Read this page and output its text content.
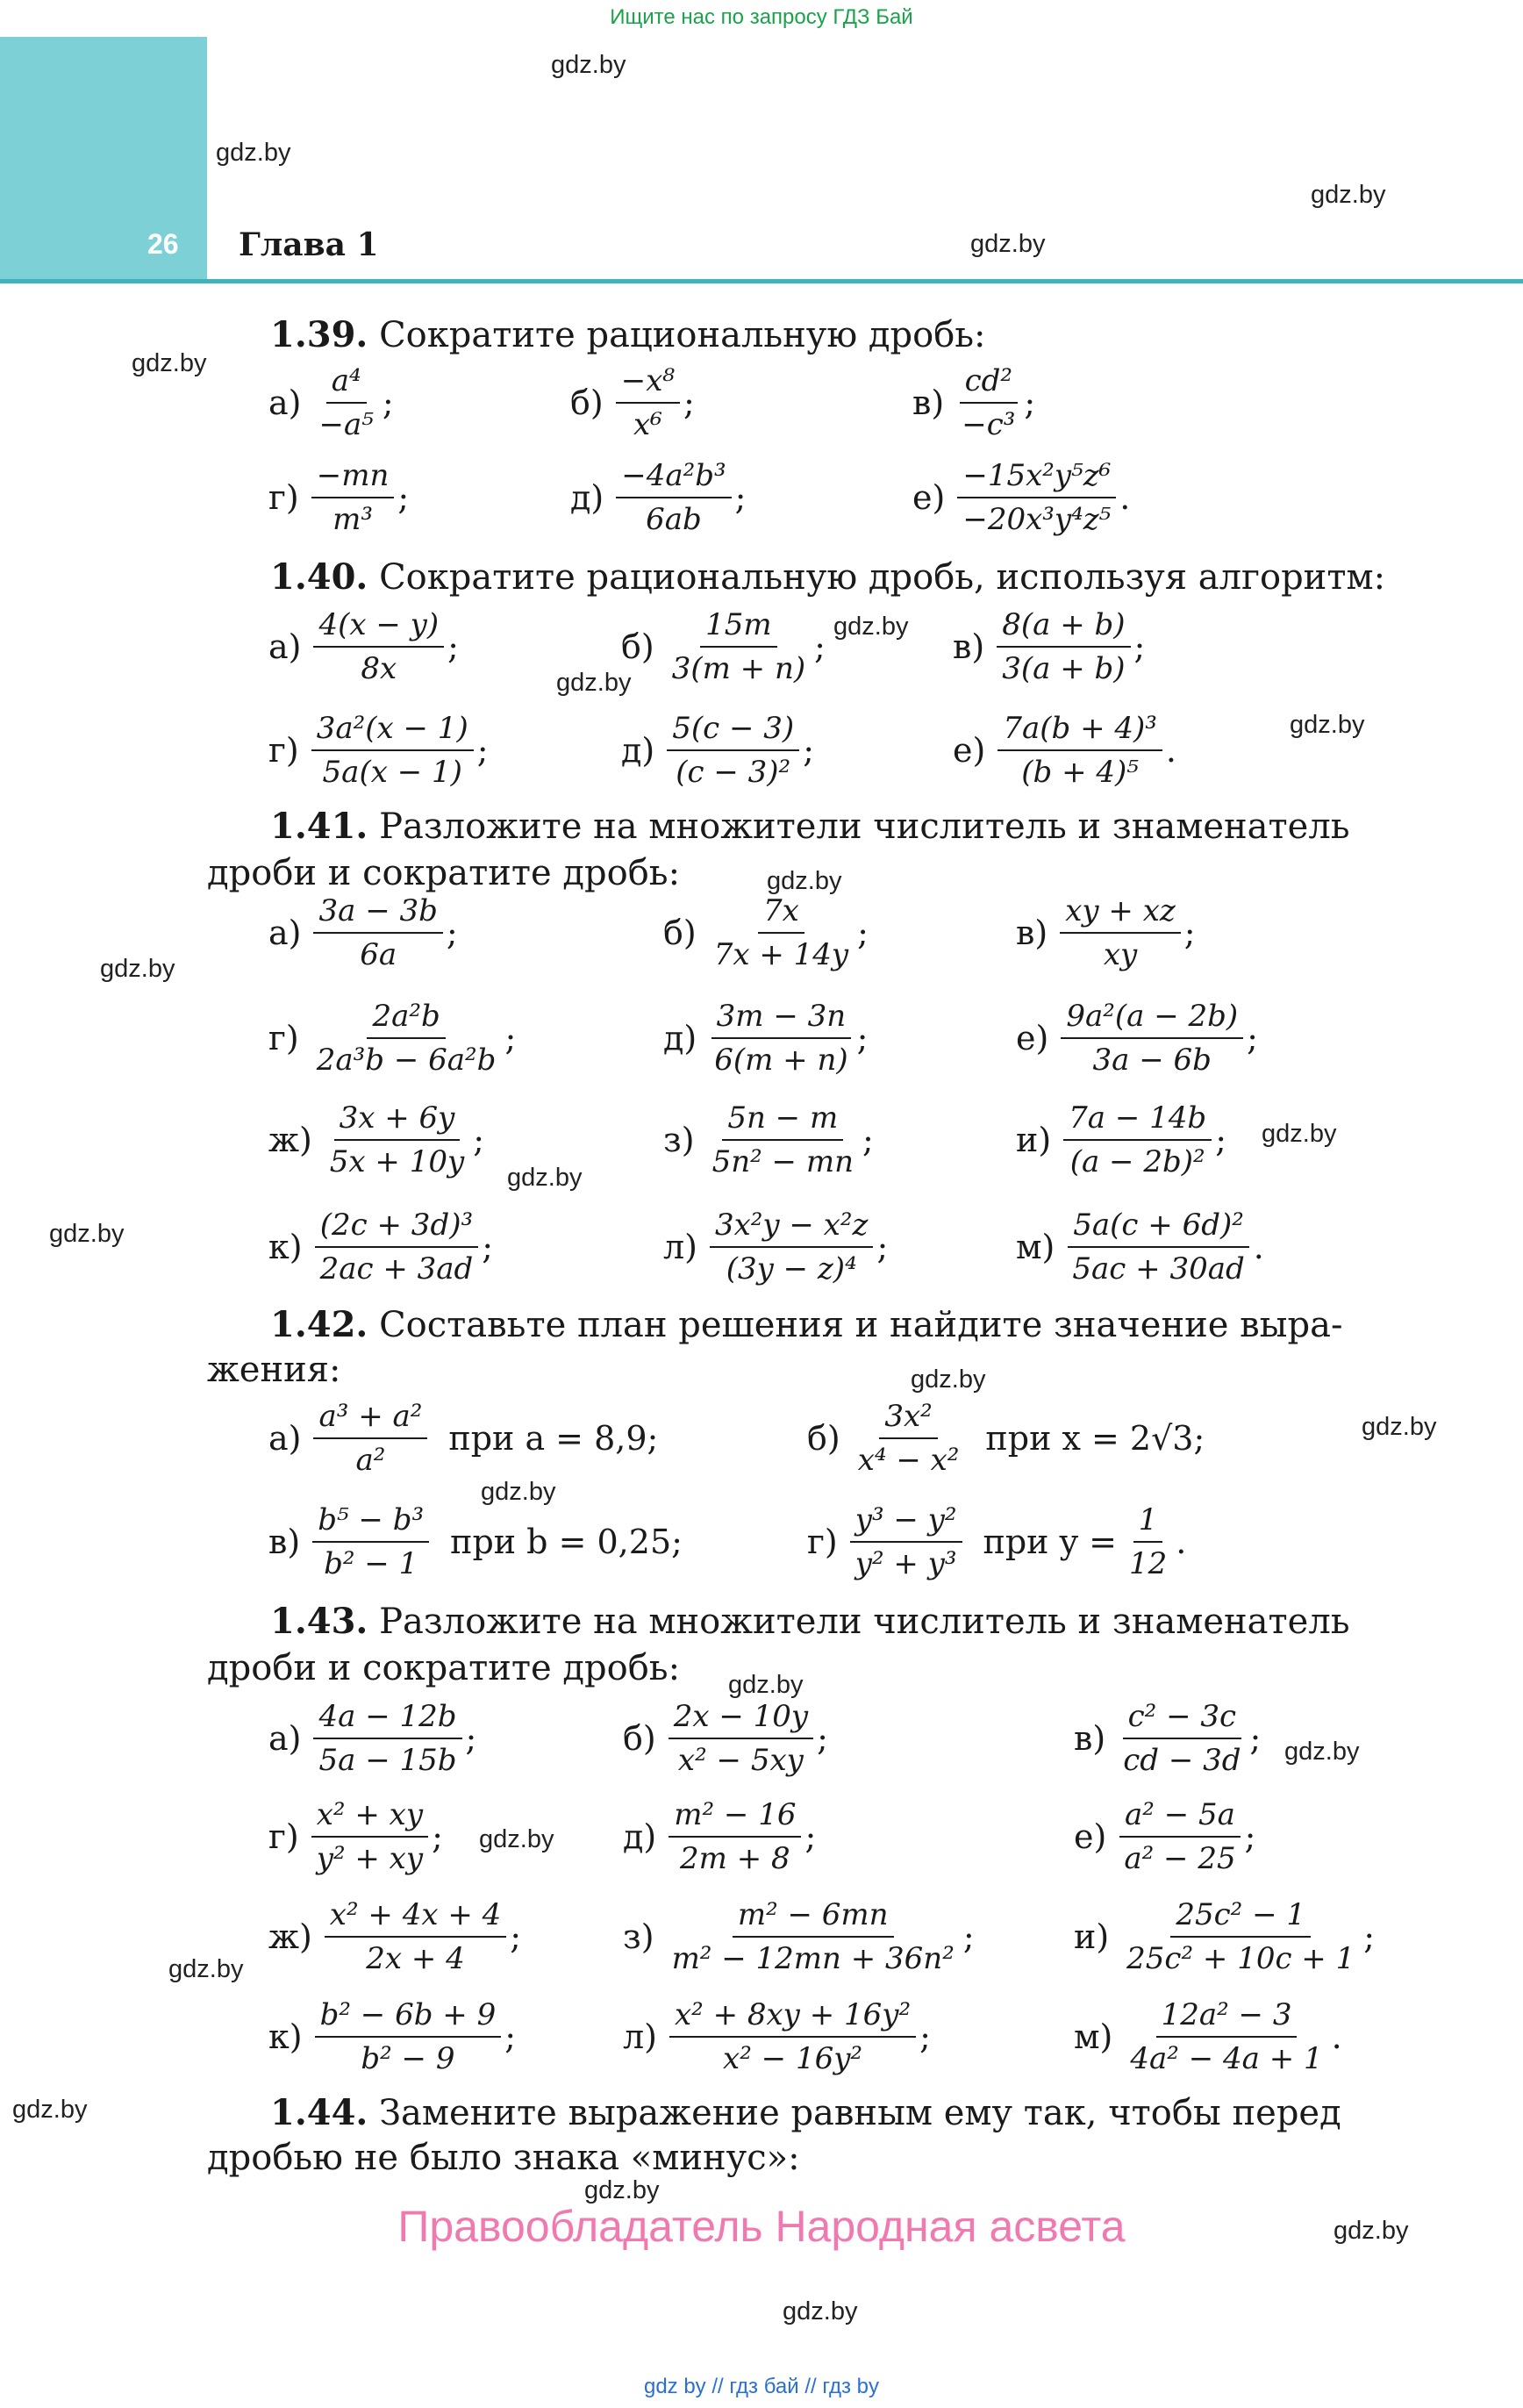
Ищите нас по запросу ГДЗ Бай
26 Глава 1
gdz.by
gdz.by
gdz.by
gdz.by
gdz.by
gdz.by
gdz.by
gdz.by
gdz.by
gdz.by
gdz.by
gdz.by
gdz.by
gdz.by
gdz.by
gdz.by
gdz.by
gdz.by
gdz.by
gdz.by
gdz.by
gdz.by
gdz.by
gdz.by
1.39. Сократите рациональную дробь:
$а) \frac{\text{a⁴}}{\text{−a⁵}}$ ;	$б) \frac{\text{−x⁸}}{\text{x⁶}}$ ;	$в) \frac{\text{cd²}}{\text{−c³}}$ ;
$г) \frac{-mn}{\text{m³}}$ ;	$д) \frac{\text{−4a²b³}}{6ab}$ ;	$е) \frac{\text{−15x²y⁵z⁶}}{\text{−20x³y⁴z⁵}}$ .
1.40. Сократите рациональную дробь, используя алгоритм:
$а) \frac{4(x - y)}{8x}$ ;	$б) \frac{15m}{3(m + n)}$ ;	$в) \frac{8(a + b)}{3(a + b)}$ ;
$г) \frac{\text{3a²(x − 1)}}{5a(x - 1)}$ ;	$д) \frac{5(c - 3)}{\text{(c − 3)²}}$ ;	$е) \frac{\text{7a(b + 4)³}}{\text{(b + 4)⁵}}$ .
1.41. Разложите на множители числитель и знаменатель
дроби и сократите дробь:
$а) \frac{3a - 3b}{6a}$ ;	$б) \frac{7x}{7x + 14y}$ ;	$в) \frac{xy + xz}{xy}$ ;
$г) \frac{\text{2a²b}}{\text{2a³b − 6a²b}}$ ;	$д) \frac{3m - 3n}{6(m + n)}$ ;	$е) \frac{\text{9a²(a − 2b)}}{3a - 6b}$ ;
$ж) \frac{3x + 6y}{5x + 10y}$ ;	$з) \frac{5n - m}{\text{5n² − mn}}$ ;	$и) \frac{7a - 14b}{\text{(a − 2b)²}}$ ;
$к) \frac{\text{(2c + 3d)³}}{2ac + 3ad}$ ;	$л) \frac{\text{3x²y − x²z}}{\text{(3y − z)⁴}}$ ;	$м) \frac{\text{5a(c + 6d)²}}{5ac + 30ad}$ .
1.42. Составьте план решения и найдите значение выра-
жения:
$а) \frac{\text{a³ + a²}}{\text{a²}}$ при a = 8,9;	$б) \frac{\text{3x²}}{\text{x⁴ − x²}}$ при x = 2√3;
$в) \frac{\text{b⁵ − b³}}{\text{b² − 1}}$ при b = 0,25;	$г) \frac{\text{y³ − y²}}{\text{y² + y³}}$ при $y = \frac{1}{12}$ .
1.43. Разложите на множители числитель и знаменатель
дроби и сократите дробь:
$а) \frac{4a - 12b}{5a - 15b}$ ;	$б) \frac{2x - 10y}{\text{x² − 5xy}}$ ;	$в) \frac{\text{c² − 3c}}{cd - 3d}$ ;
$г) \frac{\text{x² + xy}}{\text{y² + xy}}$ ;	$д) \frac{\text{m² − 16}}{2m + 8}$ ;	$е) \frac{\text{a² − 5a}}{\text{a² − 25}}$ ;
$ж) \frac{\text{x² + 4x + 4}}{2x + 4}$ ;	$з) \frac{\text{m² − 6mn}}{\text{m² − 12mn + 36n²}}$ ;	$и) \frac{\text{25c² − 1}}{\text{25c² + 10c + 1}}$ ;
$к) \frac{\text{b² − 6b + 9}}{\text{b² − 9}}$ ;	$л) \frac{\text{x² + 8xy + 16y²}}{\text{x² − 16y²}}$ ;	$м) \frac{\text{12a² − 3}}{\text{4a² − 4a + 1}}$ .
1.44. Замените выражение равным ему так, чтобы перед
дробью не было знака «минус»:
Правообладатель Народная асвета
gdz by // гдз бай // гдз by
